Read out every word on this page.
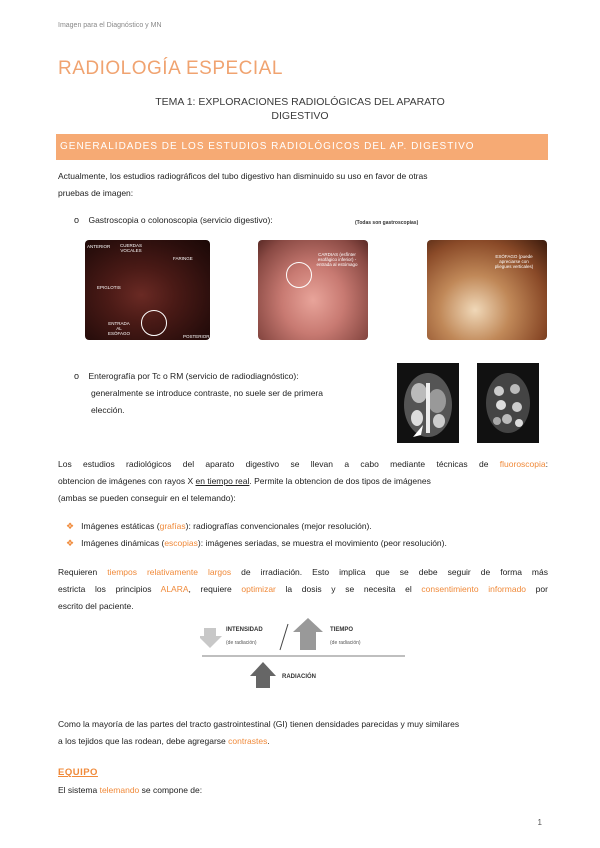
Imagen para el Diagnóstico y MN
RADIOLOGÍA ESPECIAL
TEMA 1: EXPLORACIONES RADIOLÓGICAS DEL APARATO
DIGESTIVO
GENERALIDADES DE LOS ESTUDIOS RADIOLÓGICOS DEL AP. DIGESTIVO
Actualmente, los estudios radiográficos del tubo digestivo han disminuido su uso en favor de otras
pruebas de imagen:
o Gastroscopia o colonoscopia (servicio digestivo):	(Todas son gastroscopias)
ANTERIOR CUERDAS VOCALES
FARINGE
EPIGLOTIS
ENTRADA AL ESÓFAGO
POSTERIOR
CARDIAS (esfínter esofágico inferior) - entrada al estómago
ESÓFAGO (puede apreciarse con pliegues verticales)
o Enterografía por Tc o RM (servicio de radiodiagnóstico):
generalmente se introduce contraste, no suele ser de primera
elección.
Los estudios radiológicos del aparato digestivo se llevan a cabo mediante técnicas de fluoroscopia:
obtencion de imágenes con rayos X en tiempo real. Permite la obtencion de dos tipos de imágenes
(ambas se pueden conseguir en el telemando):
❖ Imágenes estáticas (grafías): radiografías convencionales (mejor resolución).
❖ Imágenes dinámicas (escopias): imágenes seriadas, se muestra el movimiento (peor resolución).
Requieren tiempos relativamente largos de irradiación. Esto implica que se debe seguir de forma más
estricta los principios ALARA, requiere optimizar la dosis y se necesita el consentimiento informado por
escrito del paciente.
INTENSIDAD
(de radiación)
TIEMPO
(de radiación)
RADIACIÓN
Como la mayoría de las partes del tracto gastrointestinal (GI) tienen densidades parecidas y muy similares
a los tejidos que las rodean, debe agregarse contrastes.
EQUIPO
El sistema telemando se compone de:
1
